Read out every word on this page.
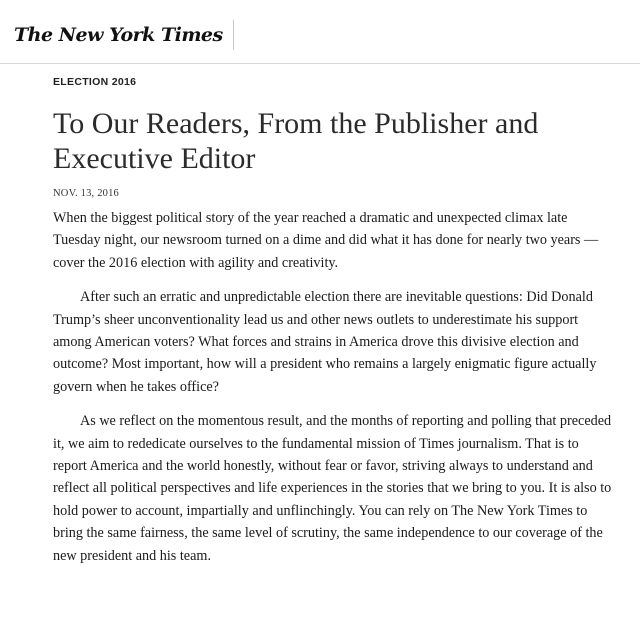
The New York Times
ELECTION 2016
To Our Readers, From the Publisher and Executive Editor
NOV. 13, 2016

When the biggest political story of the year reached a dramatic and unexpected climax late Tuesday night, our newsroom turned on a dime and did what it has done for nearly two years — cover the 2016 election with agility and creativity.

After such an erratic and unpredictable election there are inevitable questions: Did Donald Trump’s sheer unconventionality lead us and other news outlets to underestimate his support among American voters? What forces and strains in America drove this divisive election and outcome? Most important, how will a president who remains a largely enigmatic figure actually govern when he takes office?

As we reflect on the momentous result, and the months of reporting and polling that preceded it, we aim to rededicate ourselves to the fundamental mission of Times journalism. That is to report America and the world honestly, without fear or favor, striving always to understand and reflect all political perspectives and life experiences in the stories that we bring to you. It is also to hold power to account, impartially and unflinchingly. You can rely on The New York Times to bring the same fairness, the same level of scrutiny, the same independence to our coverage of the new president and his team.
